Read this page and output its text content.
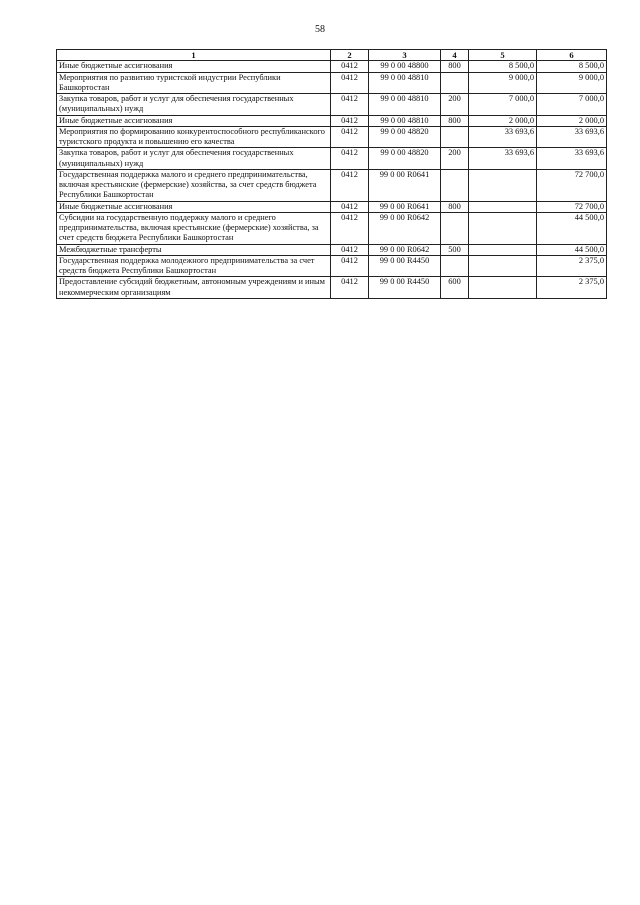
58
1	2	3	4	5	6
Иные бюджетные ассигнования	0412	99 0 00 48800	800	8 500,0	8 500,0
Мероприятия по развитию туристской индустрии Республики Башкортостан	0412	99 0 00 48810		9 000,0	9 000,0
Закупка товаров, работ и услуг для обеспечения государственных (муниципальных) нужд	0412	99 0 00 48810	200	7 000,0	7 000,0
Иные бюджетные ассигнования	0412	99 0 00 48810	800	2 000,0	2 000,0
Мероприятия по формированию конкурентоспособного республиканского туристского продукта и повышению его качества	0412	99 0 00 48820		33 693,6	33 693,6
Закупка товаров, работ и услуг для обеспечения государственных (муниципальных) нужд	0412	99 0 00 48820	200	33 693,6	33 693,6
Государственная поддержка малого и среднего предпринимательства, включая крестьянские (фермерские) хозяйства, за счет средств бюджета Республики Башкортостан	0412	99 0 00 R0641			72 700,0
Иные бюджетные ассигнования	0412	99 0 00 R0641	800		72 700,0
Субсидии на государственную поддержку малого и среднего предпринимательства, включая крестьянские (фермерские) хозяйства, за счет средств бюджета Республики Башкортостан	0412	99 0 00 R0642			44 500,0
Межбюджетные трансферты	0412	99 0 00 R0642	500		44 500,0
Государственная поддержка молодежного предпринимательства за счет средств бюджета Республики Башкортостан	0412	99 0 00 R4450			2 375,0
Предоставление субсидий бюджетным, автономным учреждениям и иным некоммерческим организациям	0412	99 0 00 R4450	600		2 375,0
